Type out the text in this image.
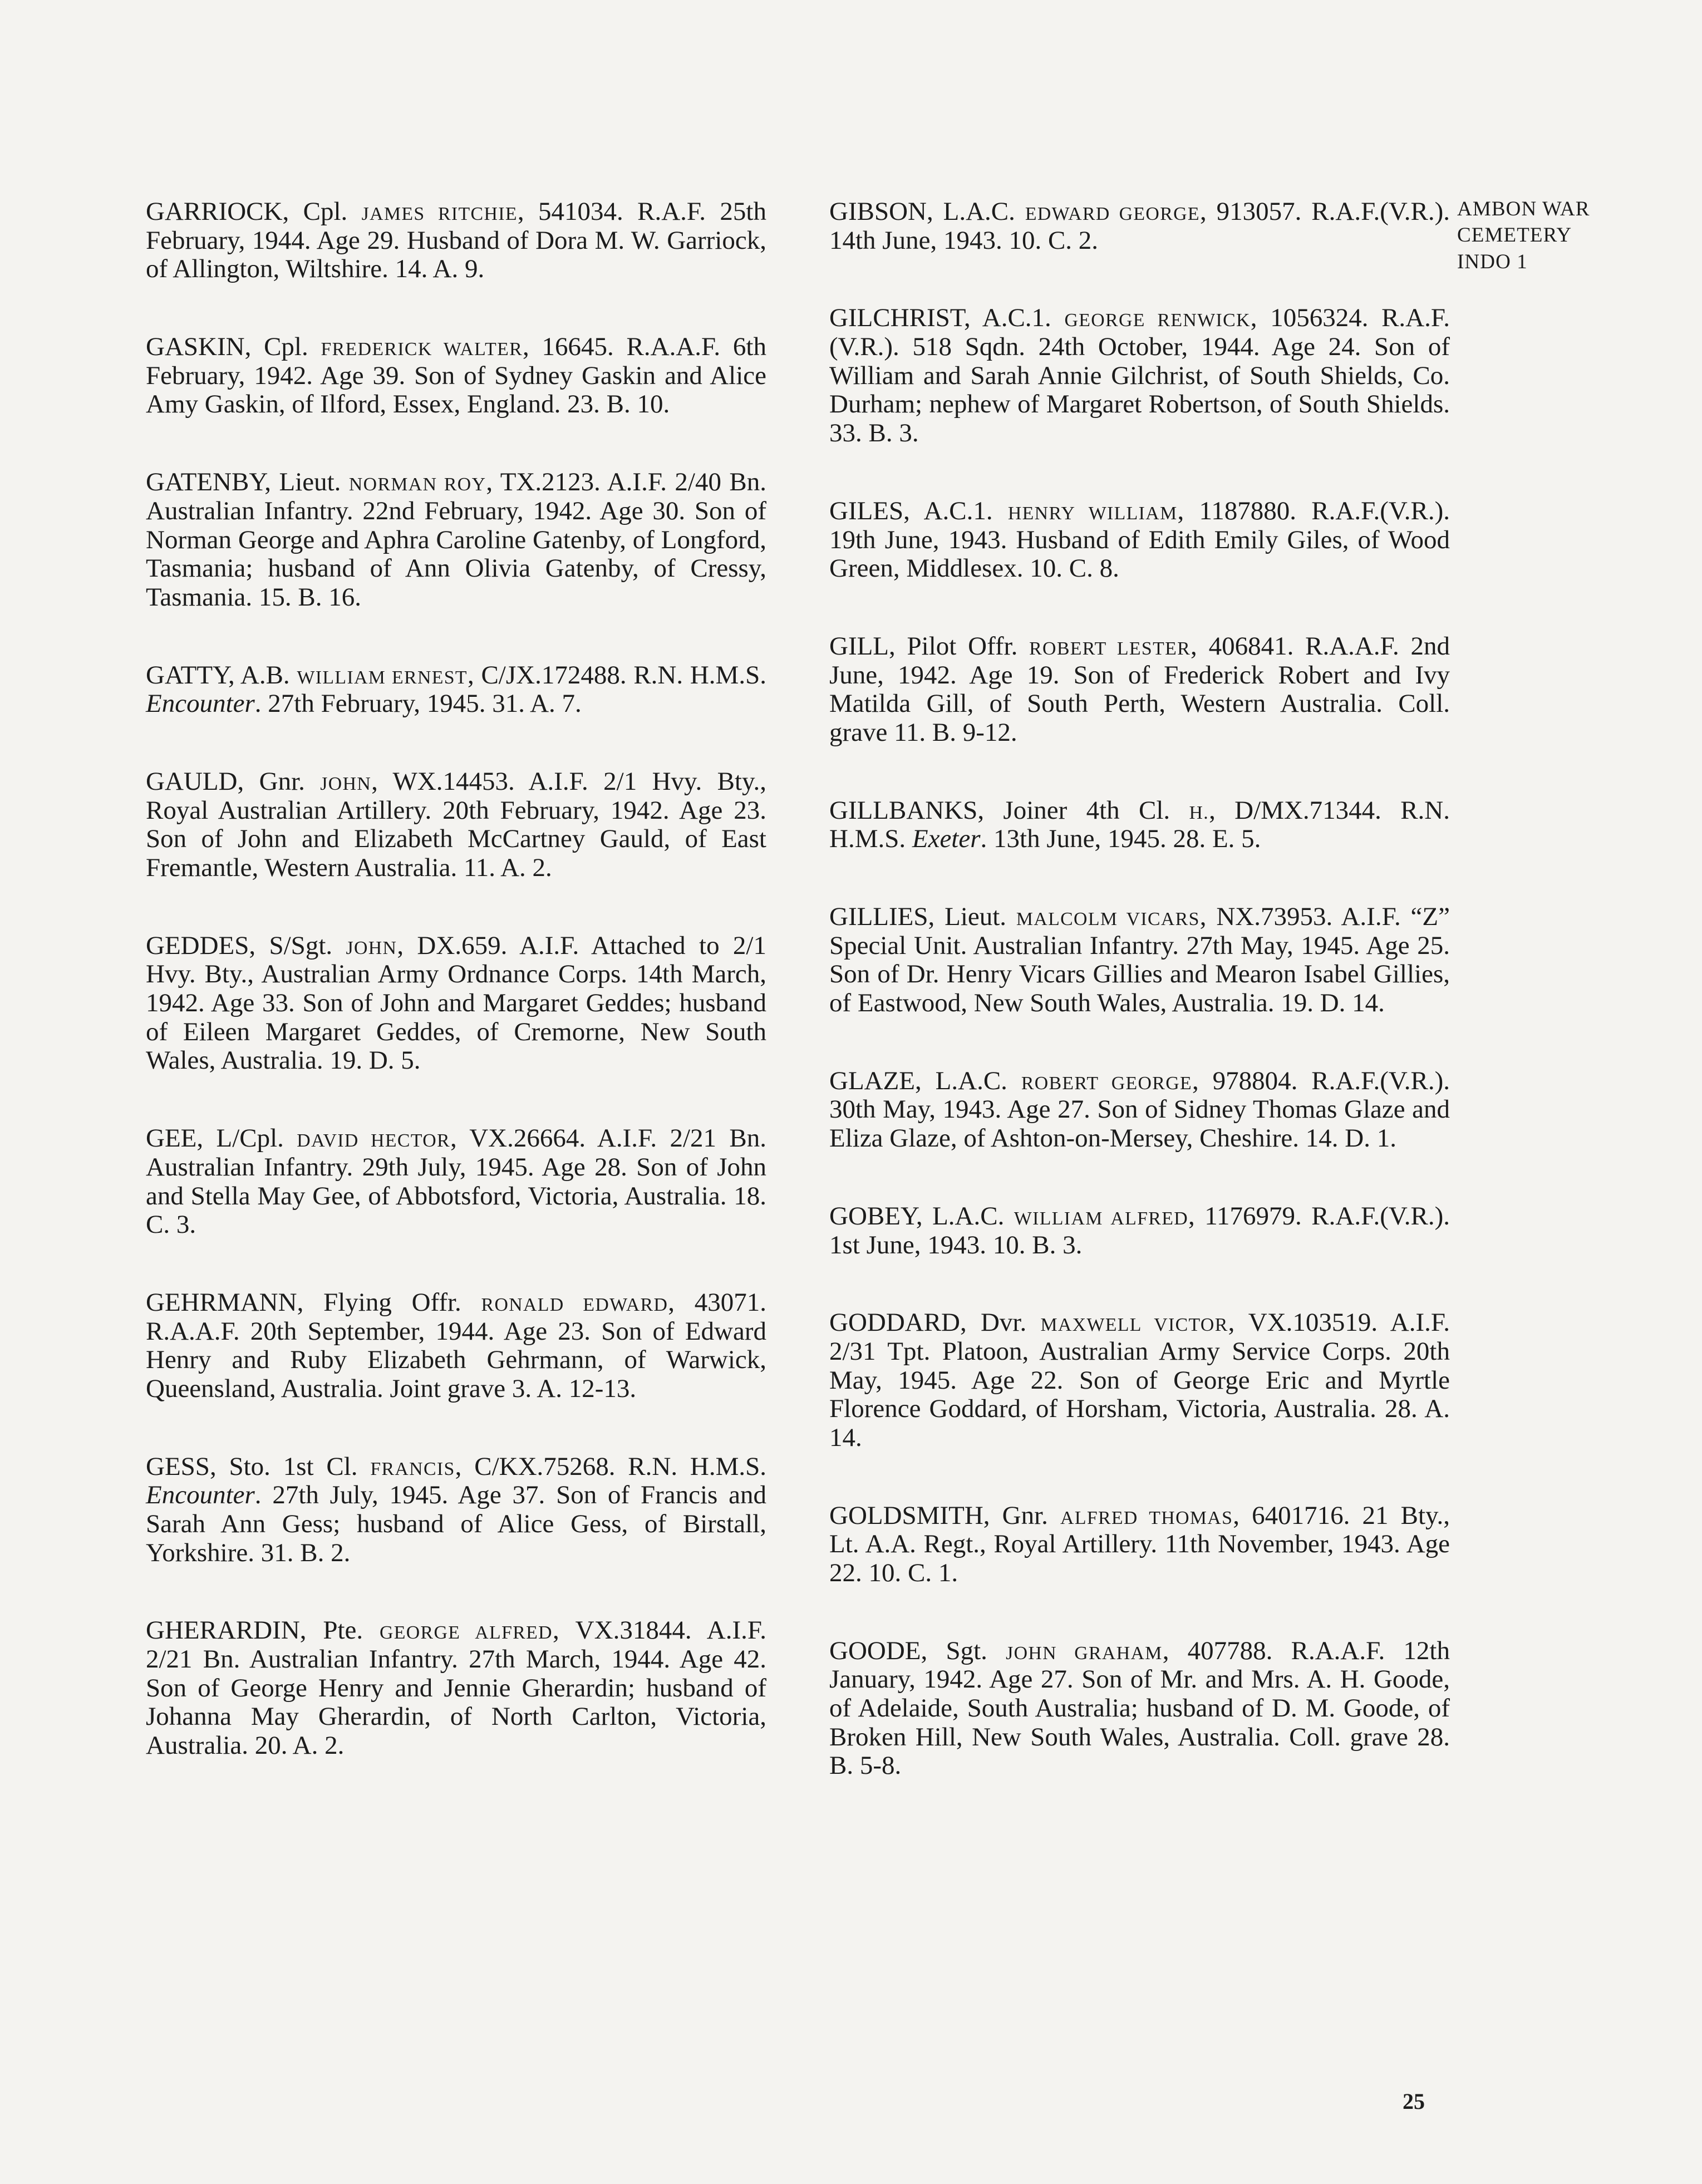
GARRIOCK, Cpl. JAMES RITCHIE, 541034. R.A.F. 25th February, 1944. Age 29. Husband of Dora M. W. Garriock, of Allington, Wiltshire. 14. A. 9.

GASKIN, Cpl. FREDERICK WALTER, 16645. R.A.A.F. 6th February, 1942. Age 39. Son of Sydney Gaskin and Alice Amy Gaskin, of Ilford, Essex, England. 23. B. 10.

GATENBY, Lieut. NORMAN ROY, TX.2123. A.I.F. 2/40 Bn. Australian Infantry. 22nd February, 1942. Age 30. Son of Norman George and Aphra Caroline Gatenby, of Longford, Tasmania; husband of Ann Olivia Gatenby, of Cressy, Tasmania. 15. B. 16.

GATTY, A.B. WILLIAM ERNEST, C/JX.172488. R.N. H.M.S. Encounter. 27th February, 1945. 31. A. 7.

GAULD, Gnr. JOHN, WX.14453. A.I.F. 2/1 Hvy. Bty., Royal Australian Artillery. 20th February, 1942. Age 23. Son of John and Elizabeth McCartney Gauld, of East Fremantle, Western Australia. 11. A. 2.

GEDDES, S/Sgt. JOHN, DX.659. A.I.F. Attached to 2/1 Hvy. Bty., Australian Army Ordnance Corps. 14th March, 1942. Age 33. Son of John and Margaret Geddes; husband of Eileen Margaret Geddes, of Cremorne, New South Wales, Australia. 19. D. 5.

GEE, L/Cpl. DAVID HECTOR, VX.26664. A.I.F. 2/21 Bn. Australian Infantry. 29th July, 1945. Age 28. Son of John and Stella May Gee, of Abbotsford, Victoria, Australia. 18. C. 3.

GEHRMANN, Flying Offr. RONALD EDWARD, 43071. R.A.A.F. 20th September, 1944. Age 23. Son of Edward Henry and Ruby Elizabeth Gehrmann, of Warwick, Queensland, Australia. Joint grave 3. A. 12-13.

GESS, Sto. 1st Cl. FRANCIS, C/KX.75268. R.N. H.M.S. Encounter. 27th July, 1945. Age 37. Son of Francis and Sarah Ann Gess; husband of Alice Gess, of Birstall, Yorkshire. 31. B. 2.

GHERARDIN, Pte. GEORGE ALFRED, VX.31844. A.I.F. 2/21 Bn. Australian Infantry. 27th March, 1944. Age 42. Son of George Henry and Jennie Gherardin; husband of Johanna May Gherardin, of North Carlton, Victoria, Australia. 20. A. 2.

GIBSON, L.A.C. EDWARD GEORGE, 913057. R.A.F.(V.R.). 14th June, 1943. 10. C. 2.

GILCHRIST, A.C.1. GEORGE RENWICK, 1056324. R.A.F.(V.R.). 518 Sqdn. 24th October, 1944. Age 24. Son of William and Sarah Annie Gilchrist, of South Shields, Co. Durham; nephew of Margaret Robertson, of South Shields. 33. B. 3.

GILES, A.C.1. HENRY WILLIAM, 1187880. R.A.F.(V.R.). 19th June, 1943. Husband of Edith Emily Giles, of Wood Green, Middlesex. 10. C. 8.

GILL, Pilot Offr. ROBERT LESTER, 406841. R.A.A.F. 2nd June, 1942. Age 19. Son of Frederick Robert and Ivy Matilda Gill, of South Perth, Western Australia. Coll. grave 11. B. 9-12.

GILLBANKS, Joiner 4th Cl. H., D/MX.71344. R.N. H.M.S. Exeter. 13th June, 1945. 28. E. 5.

GILLIES, Lieut. MALCOLM VICARS, NX.73953. A.I.F. “Z” Special Unit. Australian Infantry. 27th May, 1945. Age 25. Son of Dr. Henry Vicars Gillies and Mearon Isabel Gillies, of Eastwood, New South Wales, Australia. 19. D. 14.

GLAZE, L.A.C. ROBERT GEORGE, 978804. R.A.F.(V.R.). 30th May, 1943. Age 27. Son of Sidney Thomas Glaze and Eliza Glaze, of Ashton-on-Mersey, Cheshire. 14. D. 1.

GOBEY, L.A.C. WILLIAM ALFRED, 1176979. R.A.F.(V.R.). 1st June, 1943. 10. B. 3.

GODDARD, Dvr. MAXWELL VICTOR, VX.103519. A.I.F. 2/31 Tpt. Platoon, Australian Army Service Corps. 20th May, 1945. Age 22. Son of George Eric and Myrtle Florence Goddard, of Horsham, Victoria, Australia. 28. A. 14.

GOLDSMITH, Gnr. ALFRED THOMAS, 6401716. 21 Bty., Lt. A.A. Regt., Royal Artillery. 11th November, 1943. Age 22. 10. C. 1.

GOODE, Sgt. JOHN GRAHAM, 407788. R.A.A.F. 12th January, 1942. Age 27. Son of Mr. and Mrs. A. H. Goode, of Adelaide, South Australia; husband of D. M. Goode, of Broken Hill, New South Wales, Australia. Coll. grave 28. B. 5-8.

AMBON WAR
CEMETERY
INDO 1
25
